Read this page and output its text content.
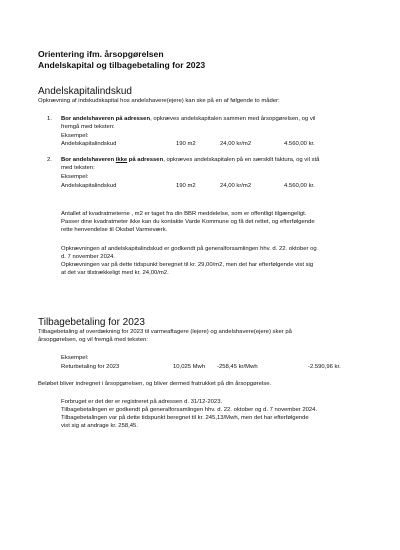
Orientering ifm. årsopgørelsen
Andelskapital og tilbagebetaling for 2023
Andelskapitalindskud
Opkrævning af indskudskapital hos andelshavere(ejere) kan ske på en af følgende to måder:
1. Bor andelshaveren på adressen, opkræves andelskapitalen sammen med årsopgørelsen, og vil
fremgå med teksten:
Eksempel:
Andelskapitalindskud	190 m2	24,00 kr/m2	4.560,00 kr.
2. Bor andelshaveren ikke på adressen, opkræves andelskapitalen på en særskilt faktura, og vil stå
med teksten:
Eksempel:
Andelskapitalindskud	190 m2	24,00 kr/m2	4.560,00 kr.
Antallet af kvadratmeterne , m2 er taget fra din BBR meddelelse, som er offentligt tilgængeligt.
Passer dine kvadratmeter ikke kan du kontakte Varde Kommune og få det rettet, og efterfølgende
rette henvendelse til Oksbøl Varmeværk.
Opkrævningen af andelskapitalindskud er godkendt på generalforsamlingen hhv. d. 22. oktober og
d. 7 november 2024.
Opkrævningen var på dette tidspunkt beregnet til kr. 29,00/m2, men det har efterfølgende vist sig
at det var tilstrækkeligt med kr. 24,00/m2.
Tilbagebetaling for 2023
Tilbagebetaling af overdækning for 2023 til varmeaftagere (lejere) og andelshavere(ejere) sker på
årsopgørelsen, og vil fremgå med teksten:
Eksempel:
Returbetaling for 2023	10,025 Mwh -258,45 kr/Mwh	-2.590,96 kr.
Beløbet bliver indregnet i årsopgørelsen, og bliver dermed fratrukket på din årsopgørelse.
Forbruget er det der er registreret på adressen d. 31/12-2023.
Tilbagebetalingen er godkendt på generalforsamlingen hhv. d. 22. oktober og d. 7 november 2024.
Tilbagebetalingen var på dette tidspunkt beregnet til kr. 245,13/Mwh, men det har efterfølgende
vist sig at andrage kr. 258,45.
